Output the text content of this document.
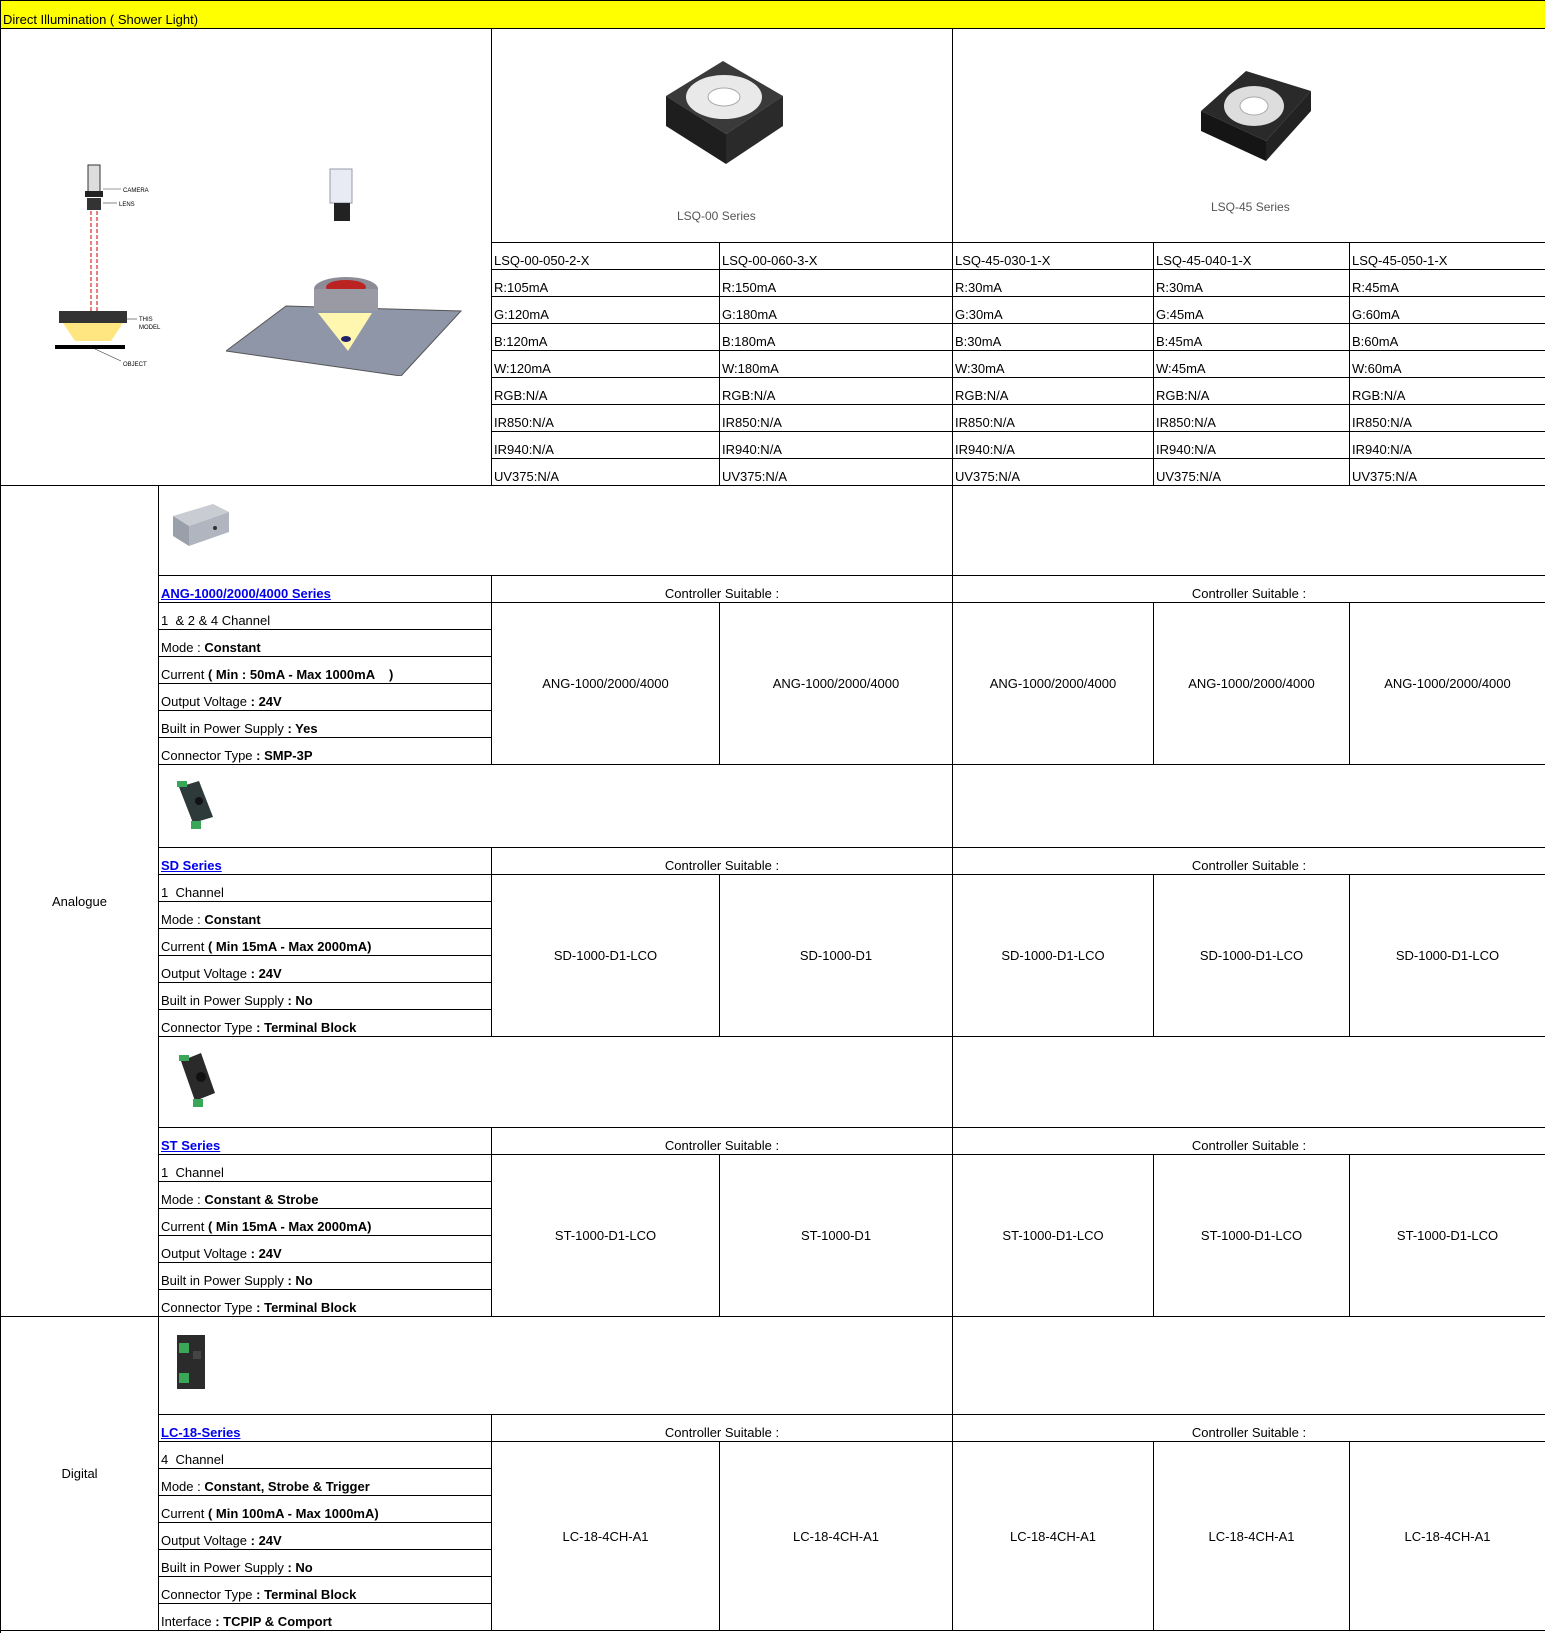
Direct Illumination ( Shower Light)
CAMERA
LENS
THIS
MODEL
OBJECT
LSQ-00 Series
LSQ-45 Series
LSQ-00-050-2-X	LSQ-00-060-3-X	LSQ-45-030-1-X	LSQ-45-040-1-X	LSQ-45-050-1-X
R:105mA	R:150mA	R:30mA	R:30mA	R:45mA
G:120mA	G:180mA	G:30mA	G:45mA	G:60mA
B:120mA	B:180mA	B:30mA	B:45mA	B:60mA
W:120mA	W:180mA	W:30mA	W:45mA	W:60mA
RGB:N/A	RGB:N/A	RGB:N/A	RGB:N/A	RGB:N/A
IR850:N/A	IR850:N/A	IR850:N/A	IR850:N/A	IR850:N/A
IR940:N/A	IR940:N/A	IR940:N/A	IR940:N/A	IR940:N/A
UV375:N/A	UV375:N/A	UV375:N/A	UV375:N/A	UV375:N/A
ANG-1000/2000/4000 Series	Controller Suitable :	Controller Suitable :
1  & 2 & 4 Channel
Mode : Constant
Current ( Min : 50mA - Max 1000mA    )
Output Voltage : 24V
Built in Power Supply : Yes
Connector Type : SMP-3P
ANG-1000/2000/4000	ANG-1000/2000/4000	ANG-1000/2000/4000	ANG-1000/2000/4000	ANG-1000/2000/4000
SD Series	Controller Suitable :	Controller Suitable :
1  Channel
Mode : Constant
Current ( Min 15mA - Max 2000mA)
Output Voltage : 24V
Built in Power Supply : No
Connector Type : Terminal Block
SD-1000-D1-LCO	SD-1000-D1	SD-1000-D1-LCO	SD-1000-D1-LCO	SD-1000-D1-LCO
ST Series	Controller Suitable :	Controller Suitable :
1  Channel
Mode : Constant & Strobe
Current ( Min 15mA - Max 2000mA)
Output Voltage : 24V
Built in Power Supply : No
Connector Type : Terminal Block
ST-1000-D1-LCO	ST-1000-D1	ST-1000-D1-LCO	ST-1000-D1-LCO	ST-1000-D1-LCO
LC-18-Series	Controller Suitable :	Controller Suitable :
4  Channel
Mode : Constant, Strobe & Trigger
Current ( Min 100mA - Max 1000mA)
Output Voltage : 24V
Built in Power Supply : No
Connector Type : Terminal Block
Interface : TCPIP & Comport
LC-18-4CH-A1	LC-18-4CH-A1	LC-18-4CH-A1	LC-18-4CH-A1	LC-18-4CH-A1
Analogue
Digital
